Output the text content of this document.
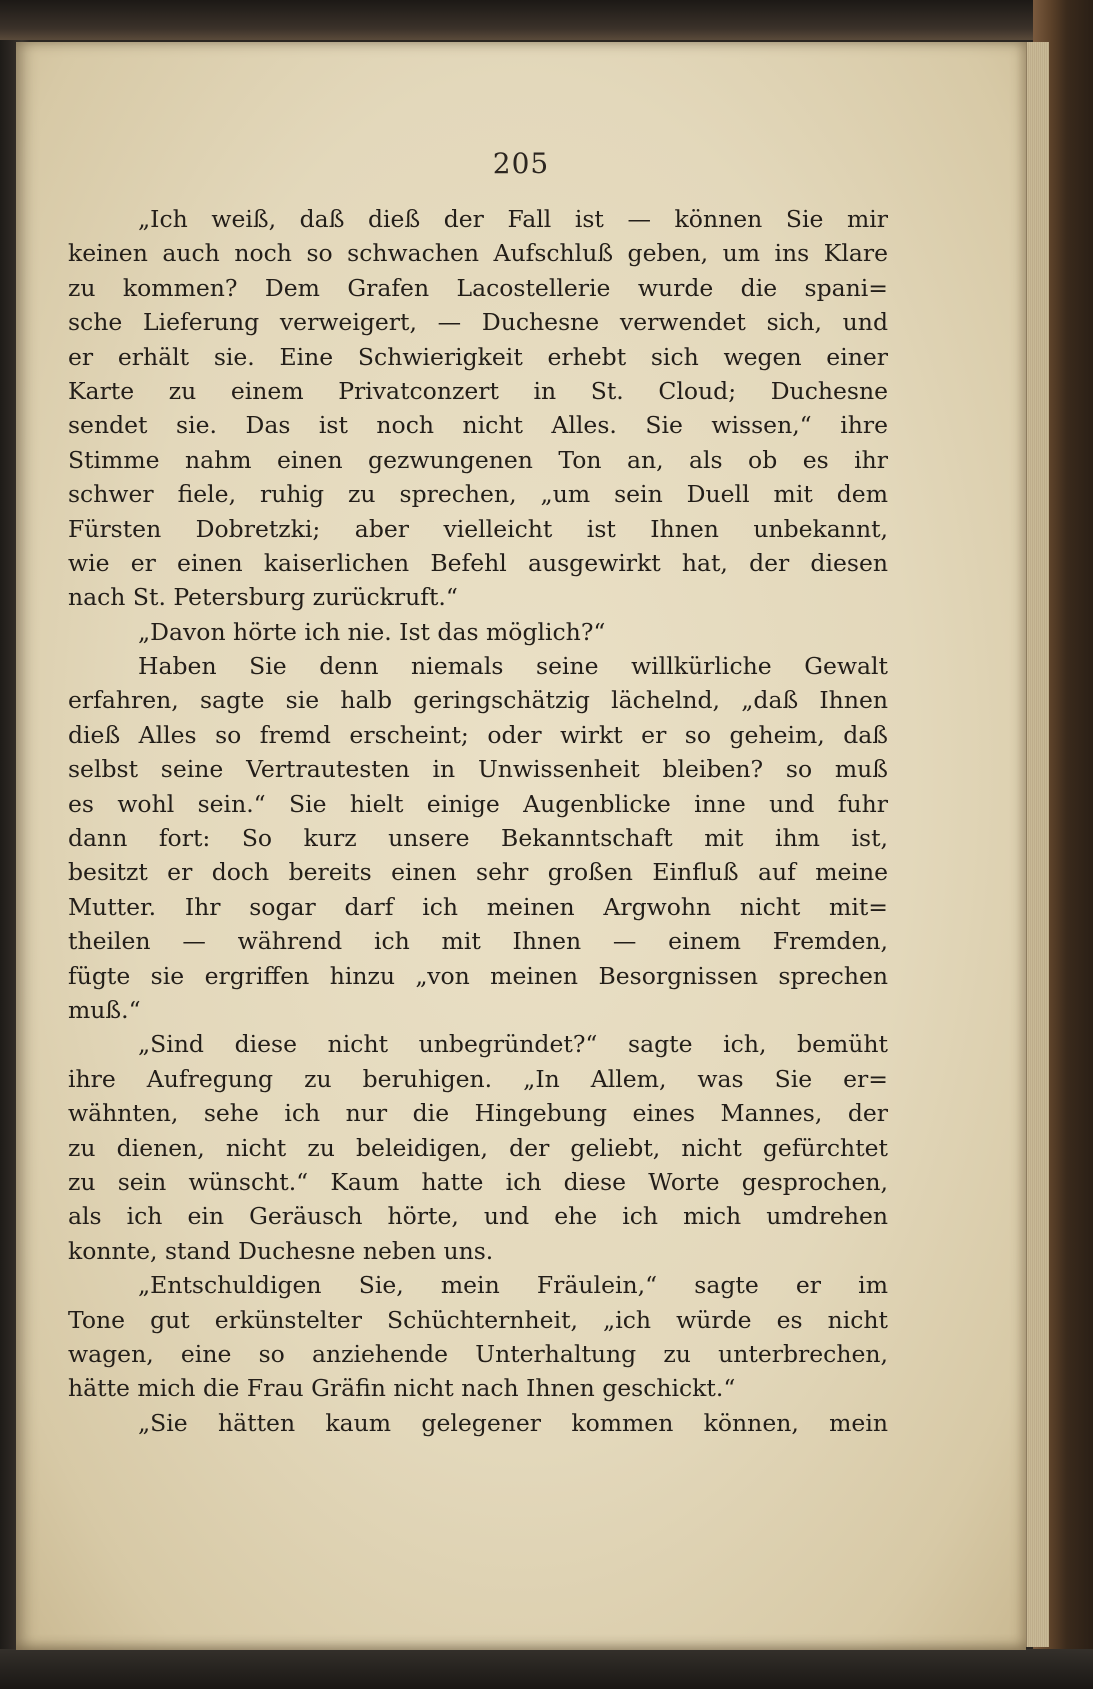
205
„Ich weiß, daß dieß der Fall ist — können Sie mir
keinen auch noch so schwachen Aufschluß geben, um ins Klare
zu kommen? Dem Grafen Lacostellerie wurde die spani=
sche Lieferung verweigert, — Duchesne verwendet sich, und
er erhält sie. Eine Schwierigkeit erhebt sich wegen einer
Karte zu einem Privatconzert in St. Cloud; Duchesne
sendet sie. Das ist noch nicht Alles. Sie wissen,“ ihre
Stimme nahm einen gezwungenen Ton an, als ob es ihr
schwer fiele, ruhig zu sprechen, „um sein Duell mit dem
Fürsten Dobretzki; aber vielleicht ist Ihnen unbekannt,
wie er einen kaiserlichen Befehl ausgewirkt hat, der diesen
nach St. Petersburg zurückruft.“
„Davon hörte ich nie. Ist das möglich?“
Haben Sie denn niemals seine willkürliche Gewalt
erfahren, sagte sie halb geringschätzig lächelnd, „daß Ihnen
dieß Alles so fremd erscheint; oder wirkt er so geheim, daß
selbst seine Vertrautesten in Unwissenheit bleiben? so muß
es wohl sein.“ Sie hielt einige Augenblicke inne und fuhr
dann fort: So kurz unsere Bekanntschaft mit ihm ist,
besitzt er doch bereits einen sehr großen Einfluß auf meine
Mutter. Ihr sogar darf ich meinen Argwohn nicht mit=
theilen — während ich mit Ihnen — einem Fremden,
fügte sie ergriffen hinzu „von meinen Besorgnissen sprechen
muß.“
„Sind diese nicht unbegründet?“ sagte ich, bemüht
ihre Aufregung zu beruhigen. „In Allem, was Sie er=
wähnten, sehe ich nur die Hingebung eines Mannes, der
zu dienen, nicht zu beleidigen, der geliebt, nicht gefürchtet
zu sein wünscht.“ Kaum hatte ich diese Worte gesprochen,
als ich ein Geräusch hörte, und ehe ich mich umdrehen
konnte, stand Duchesne neben uns.
„Entschuldigen Sie, mein Fräulein,“ sagte er im
Tone gut erkünstelter Schüchternheit, „ich würde es nicht
wagen, eine so anziehende Unterhaltung zu unterbrechen,
hätte mich die Frau Gräfin nicht nach Ihnen geschickt.“
„Sie hätten kaum gelegener kommen können, mein
